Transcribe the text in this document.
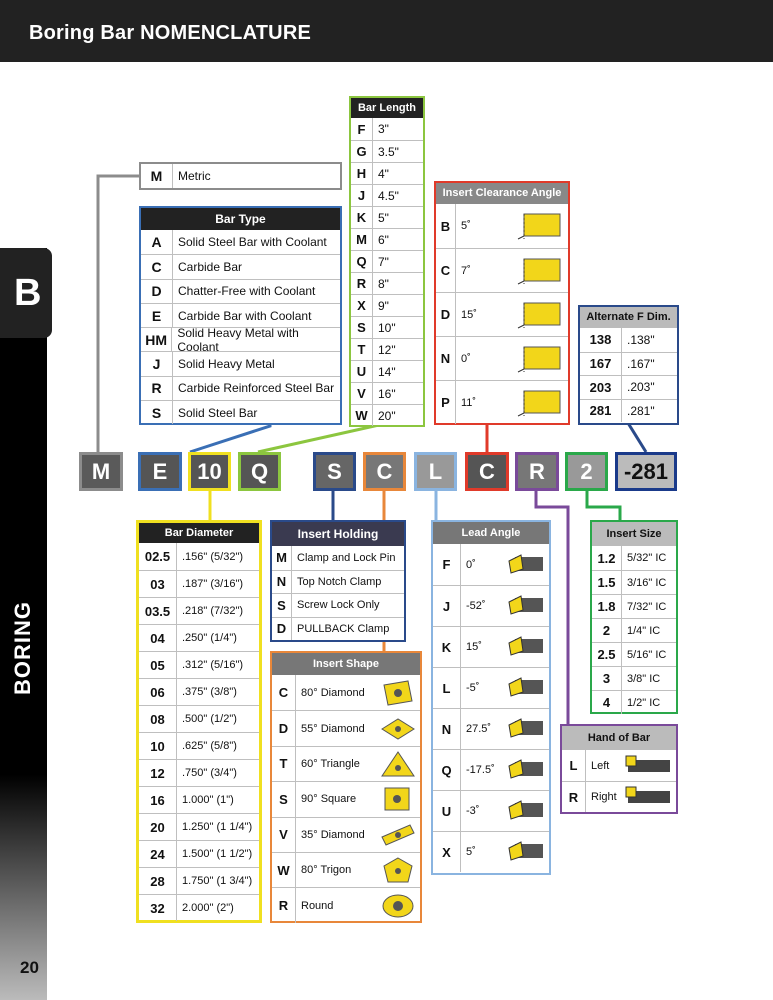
Boring Bar NOMENCLATURE
B
BORING
M	Metric
Bar Type
A	Solid Steel Bar with Coolant
C	Carbide Bar
D	Chatter-Free with Coolant
E	Carbide Bar with Coolant
HM Solid Heavy Metal with Coolant
J	Solid Heavy Metal
R	Carbide Reinforced Steel Bar
S	Solid Steel Bar
Bar Length
F	3"
G 3.5"
H 4"
J	4.5"
K 5"
M 6"
Q 7"
R 8"
X	9"
S	10"
T	12"
U 14"
V	16"
W 20"
Insert Clearance Angle
B 5˚
C 7˚
D 15˚
N 0˚
P	11˚
Alternate F Dim.
138	.138"
167	.167"
203	.203"
281	.281"
M	E	10	Q	S	C	L	C	R	2	-281
Bar Diameter
02.5	.156" (5/32")
03	.187" (3/16")
03.5	.218" (7/32")
04	.250" (1/4")
05	.312" (5/16")
06	.375" (3/8")
08	.500" (1/2")
10	.625" (5/8")
12	.750" (3/4")
16	1.000" (1")
20	1.250" (1 1/4")
24	1.500" (1 1/2")
28	1.750" (1 3/4")
32	2.000" (2")
Insert Holding
M Clamp and Lock Pin
N Top Notch Clamp
S	Screw Lock Only
D PULLBACK Clamp
Insert Shape
C	80° Diamond
D	55° Diamond
T	60° Triangle
S	90° Square
V	35° Diamond
W	80° Trigon
R	Round
Lead Angle
F	0˚
J	-52˚
K	15˚
L	-5˚
N	27.5˚
Q	-17.5˚
U	-3˚
X	5˚
Insert Size
1.2	5/32" IC
1.5	3/16" IC
1.8	7/32" IC
2	1/4" IC
2.5	5/16" IC
3	3/8" IC
4	1/2" IC
Hand of Bar
L	Left
R	Right
20
